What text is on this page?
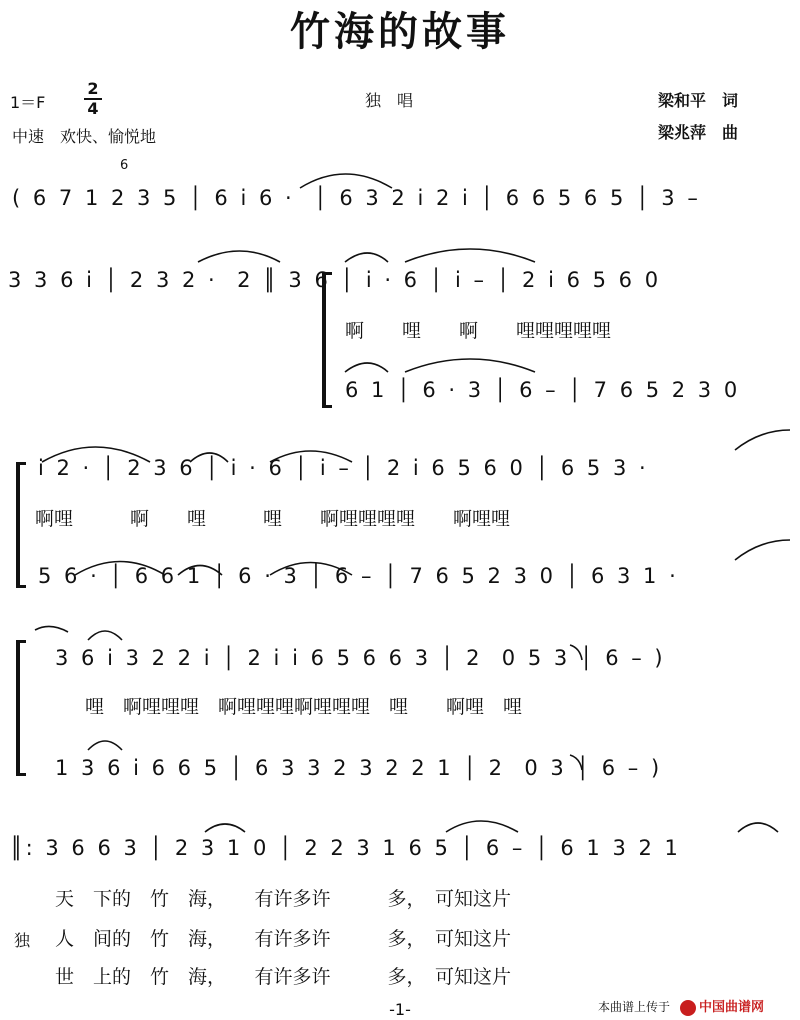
竹海的故事
1＝F
2
4
中速　欢快、愉悦地
独　唱	梁和平　词
梁兆萍　曲
6
( 6 7 1 2 3 5 │ 6 i 6 ·  │ 6 3 2 i 2 i │ 6 6 5 6 5 │ 3 –
3 3 6 i │ 2 3 2 ·  2 ║ 3 6 │ i · 6 │ i – │ 2 i 6 5 6 0
啊　　哩　　啊　　哩哩哩哩哩
6 1 │ 6 · 3 │ 6 – │ 7 6 5 2 3 0
i 2 · │ 2 3 6 │ i · 6 │ i – │ 2 i 6 5 6 0 │ 6 5 3 ·
啊哩　　　啊　　哩　　　哩　　啊哩哩哩哩　　啊哩哩
5 6 · │ 6 6 1 │ 6 · 3 │ 6 – │ 7 6 5 2 3 0 │ 6 3 1 ·
3 6 i 3 2 2 i │ 2 i i 6 5 6 6 3 │ 2  0 5 3 │ 6 – )
哩　啊哩哩哩　啊哩哩哩啊哩哩哩　哩　　啊哩　哩
1 3 6 i 6 6 5 │ 6 3 3 2 3 2 2 1 │ 2  0 3 │ 6 – )
║: 3 6 6 3 │ 2 3 1 0 │ 2 2 3 1 6 5 │ 6 – │ 6 1 3 2 1
天　下的　竹　海，　　有许多许　　　多，　可知这片
人　间的　竹　海，　　有许多许　　　多，　可知这片
独
世　上的　竹　海，　　有许多许　　　多，　可知这片
-1-	本曲谱上传于	中国曲谱网
